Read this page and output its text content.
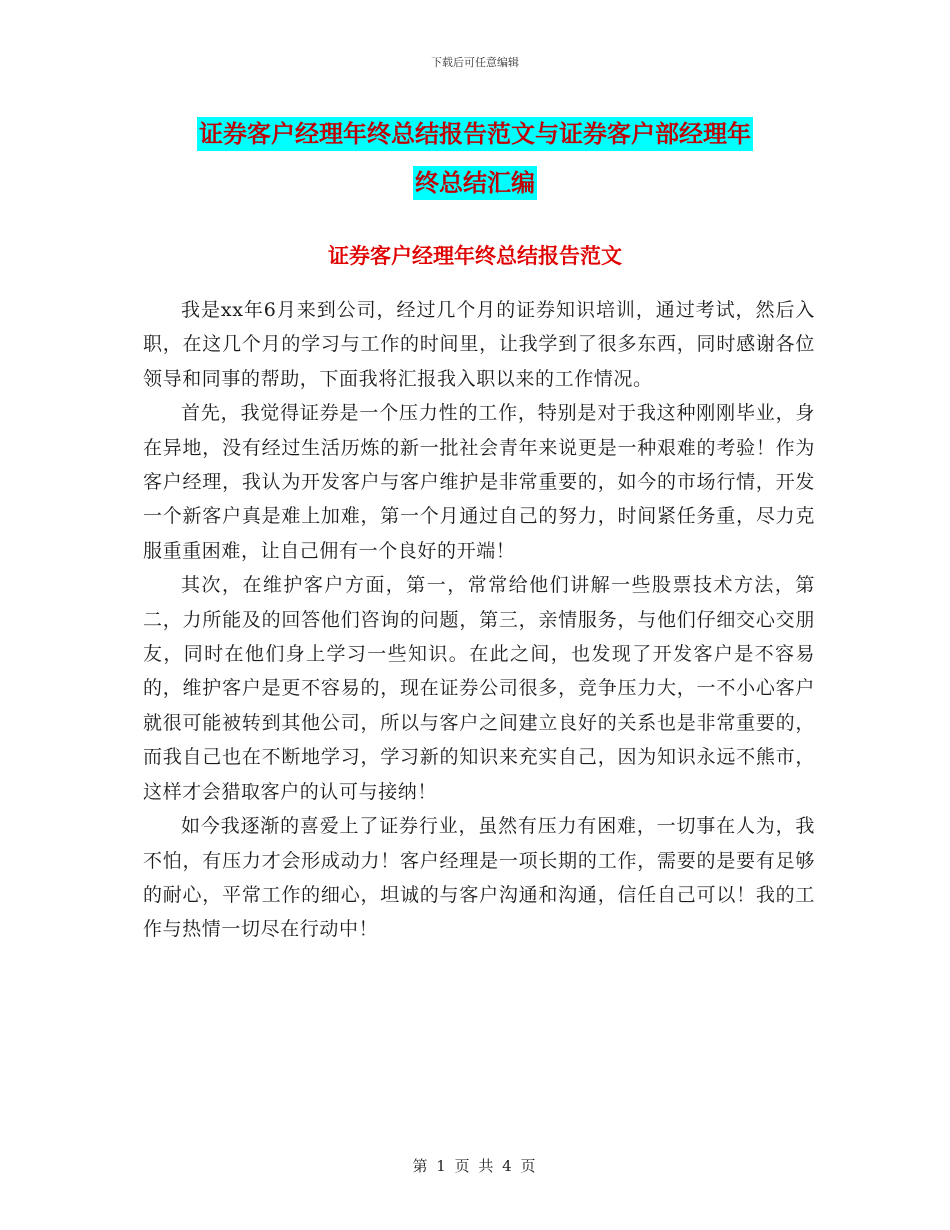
下载后可任意编辑
证券客户经理年终总结报告范文与证券客户部经理年
终总结汇编
证券客户经理年终总结报告范文

我是xx年6月来到公司，经过几个月的证券知识培训，通过考试，然后入职，在这几个月的学习与工作的时间里，让我学到了很多东西，同时感谢各位领导和同事的帮助，下面我将汇报我入职以来的工作情况。

首先，我觉得证券是一个压力性的工作，特别是对于我这种刚刚毕业，身在异地，没有经过生活历炼的新一批社会青年来说更是一种艰难的考验！作为客户经理，我认为开发客户与客户维护是非常重要的，如今的市场行情，开发一个新客户真是难上加难，第一个月通过自己的努力，时间紧任务重，尽力克服重重困难，让自己佣有一个良好的开端！

其次，在维护客户方面，第一，常常给他们讲解一些股票技术方法，第二，力所能及的回答他们咨询的问题，第三，亲情服务，与他们仔细交心交朋友，同时在他们身上学习一些知识。在此之间，也发现了开发客户是不容易的，维护客户是更不容易的，现在证券公司很多，竞争压力大，一不小心客户就很可能被转到其他公司，所以与客户之间建立良好的关系也是非常重要的，而我自己也在不断地学习，学习新的知识来充实自己，因为知识永远不熊市，这样才会猎取客户的认可与接纳！

如今我逐渐的喜爱上了证券行业，虽然有压力有困难，一切事在人为，我不怕，有压力才会形成动力！客户经理是一项长期的工作，需要的是要有足够的耐心，平常工作的细心，坦诚的与客户沟通和沟通，信任自己可以！我的工作与热情一切尽在行动中！

第 1 页 共 4 页
